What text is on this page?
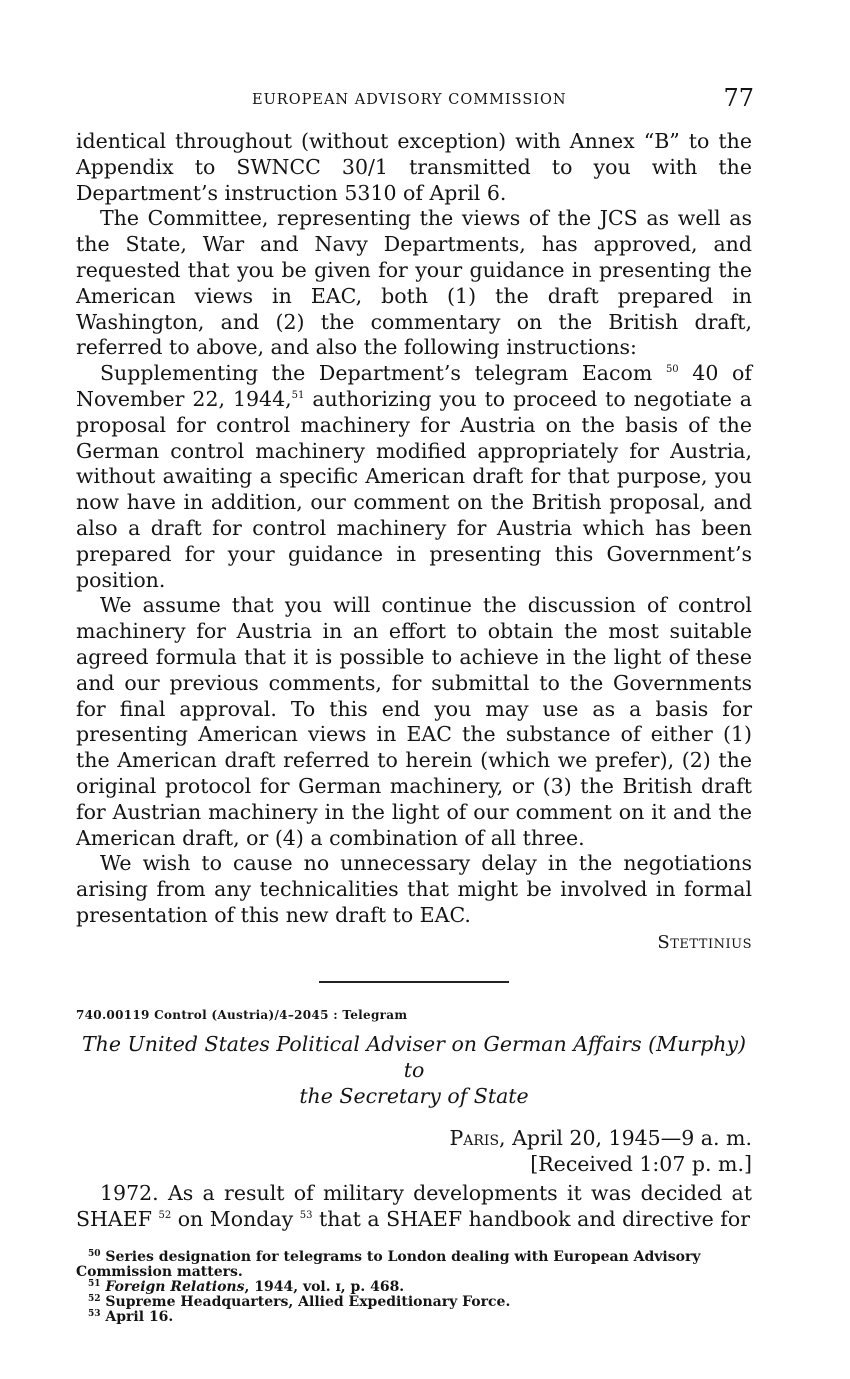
EUROPEAN ADVISORY COMMISSION	77

identical throughout (without exception) with Annex “B” to the Appendix to SWNCC 30/1 transmitted to you with the Department’s instruction 5310 of April 6.

The Committee, representing the views of the JCS as well as the State, War and Navy Departments, has approved, and requested that you be given for your guidance in presenting the American views in EAC, both (1) the draft prepared in Washington, and (2) the commentary on the British draft, referred to above, and also the following instructions:

Supplementing the Department’s telegram Eacom $^{50}$ 40 of November 22, 1944,51 authorizing you to proceed to negotiate a proposal for control machinery for Austria on the basis of the German control machinery modified appropriately for Austria, without awaiting a specific American draft for that purpose, you now have in addition, our comment on the British proposal, and also a draft for control machinery for Austria which has been prepared for your guidance in presenting this Government’s position.

We assume that you will continue the discussion of control machinery for Austria in an effort to obtain the most suitable agreed formula that it is possible to achieve in the light of these and our previous comments, for submittal to the Governments for final approval. To this end you may use as a basis for presenting American views in EAC the substance of either (1) the American draft referred to herein (which we prefer), (2) the original protocol for German machinery, or (3) the British draft for Austrian machinery in the light of our comment on it and the American draft, or (4) a combination of all three.

We wish to cause no unnecessary delay in the negotiations arising from any technicalities that might be involved in formal presentation of this new draft to EAC.

Stettinius
740.00119 Control (Austria)/4–2045 : Telegram
The United States Political Adviser on German Affairs (Murphy) to
the Secretary of State
Paris, April 20, 1945—9 a. m.
[Received 1:07 p. m.]

1972. As a result of military developments it was decided at SHAEF $^{52}$ on Monday $^{53}$ that a SHAEF handbook and directive for

$^{50}$ Series designation for telegrams to London dealing with European Advisory Commission matters.

$^{51}$ Foreign Relations, 1944, vol. ɪ, p. 468.

$^{52}$ Supreme Headquarters, Allied Expeditionary Force.

$^{53}$ April 16.
